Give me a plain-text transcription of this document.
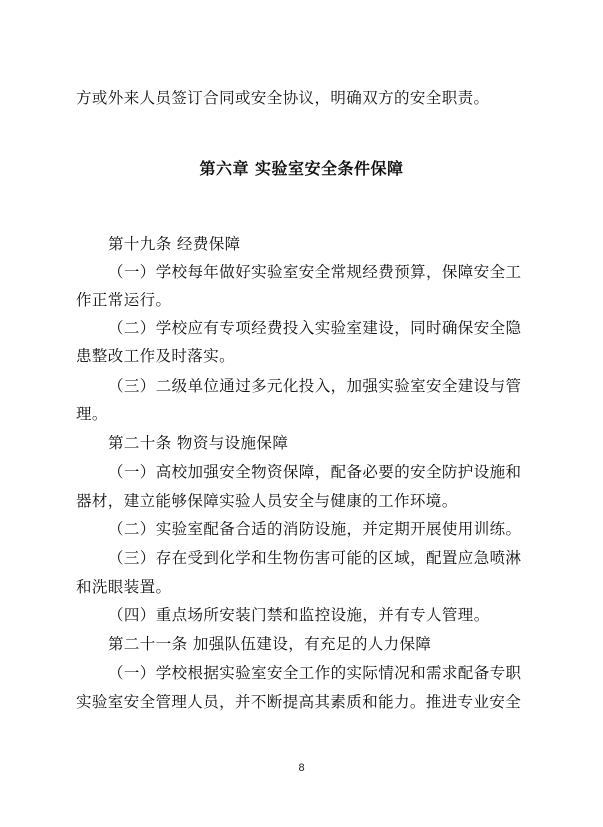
方或外来人员签订合同或安全协议，明确双方的安全职责。
第六章 实验室安全条件保障
第十九条 经费保障
（一）学校每年做好实验室安全常规经费预算，保障安全工
作正常运行。
（二）学校应有专项经费投入实验室建设，同时确保安全隐
患整改工作及时落实。
（三）二级单位通过多元化投入，加强实验室安全建设与管
理。
第二十条 物资与设施保障
（一）高校加强安全物资保障，配备必要的安全防护设施和
器材，建立能够保障实验人员安全与健康的工作环境。
（二）实验室配备合适的消防设施，并定期开展使用训练。
（三）存在受到化学和生物伤害可能的区域，配置应急喷淋
和洗眼装置。
（四）重点场所安装门禁和监控设施，并有专人管理。
第二十一条 加强队伍建设，有充足的人力保障
（一）学校根据实验室安全工作的实际情况和需求配备专职
实验室安全管理人员，并不断提高其素质和能力。推进专业安全
8
